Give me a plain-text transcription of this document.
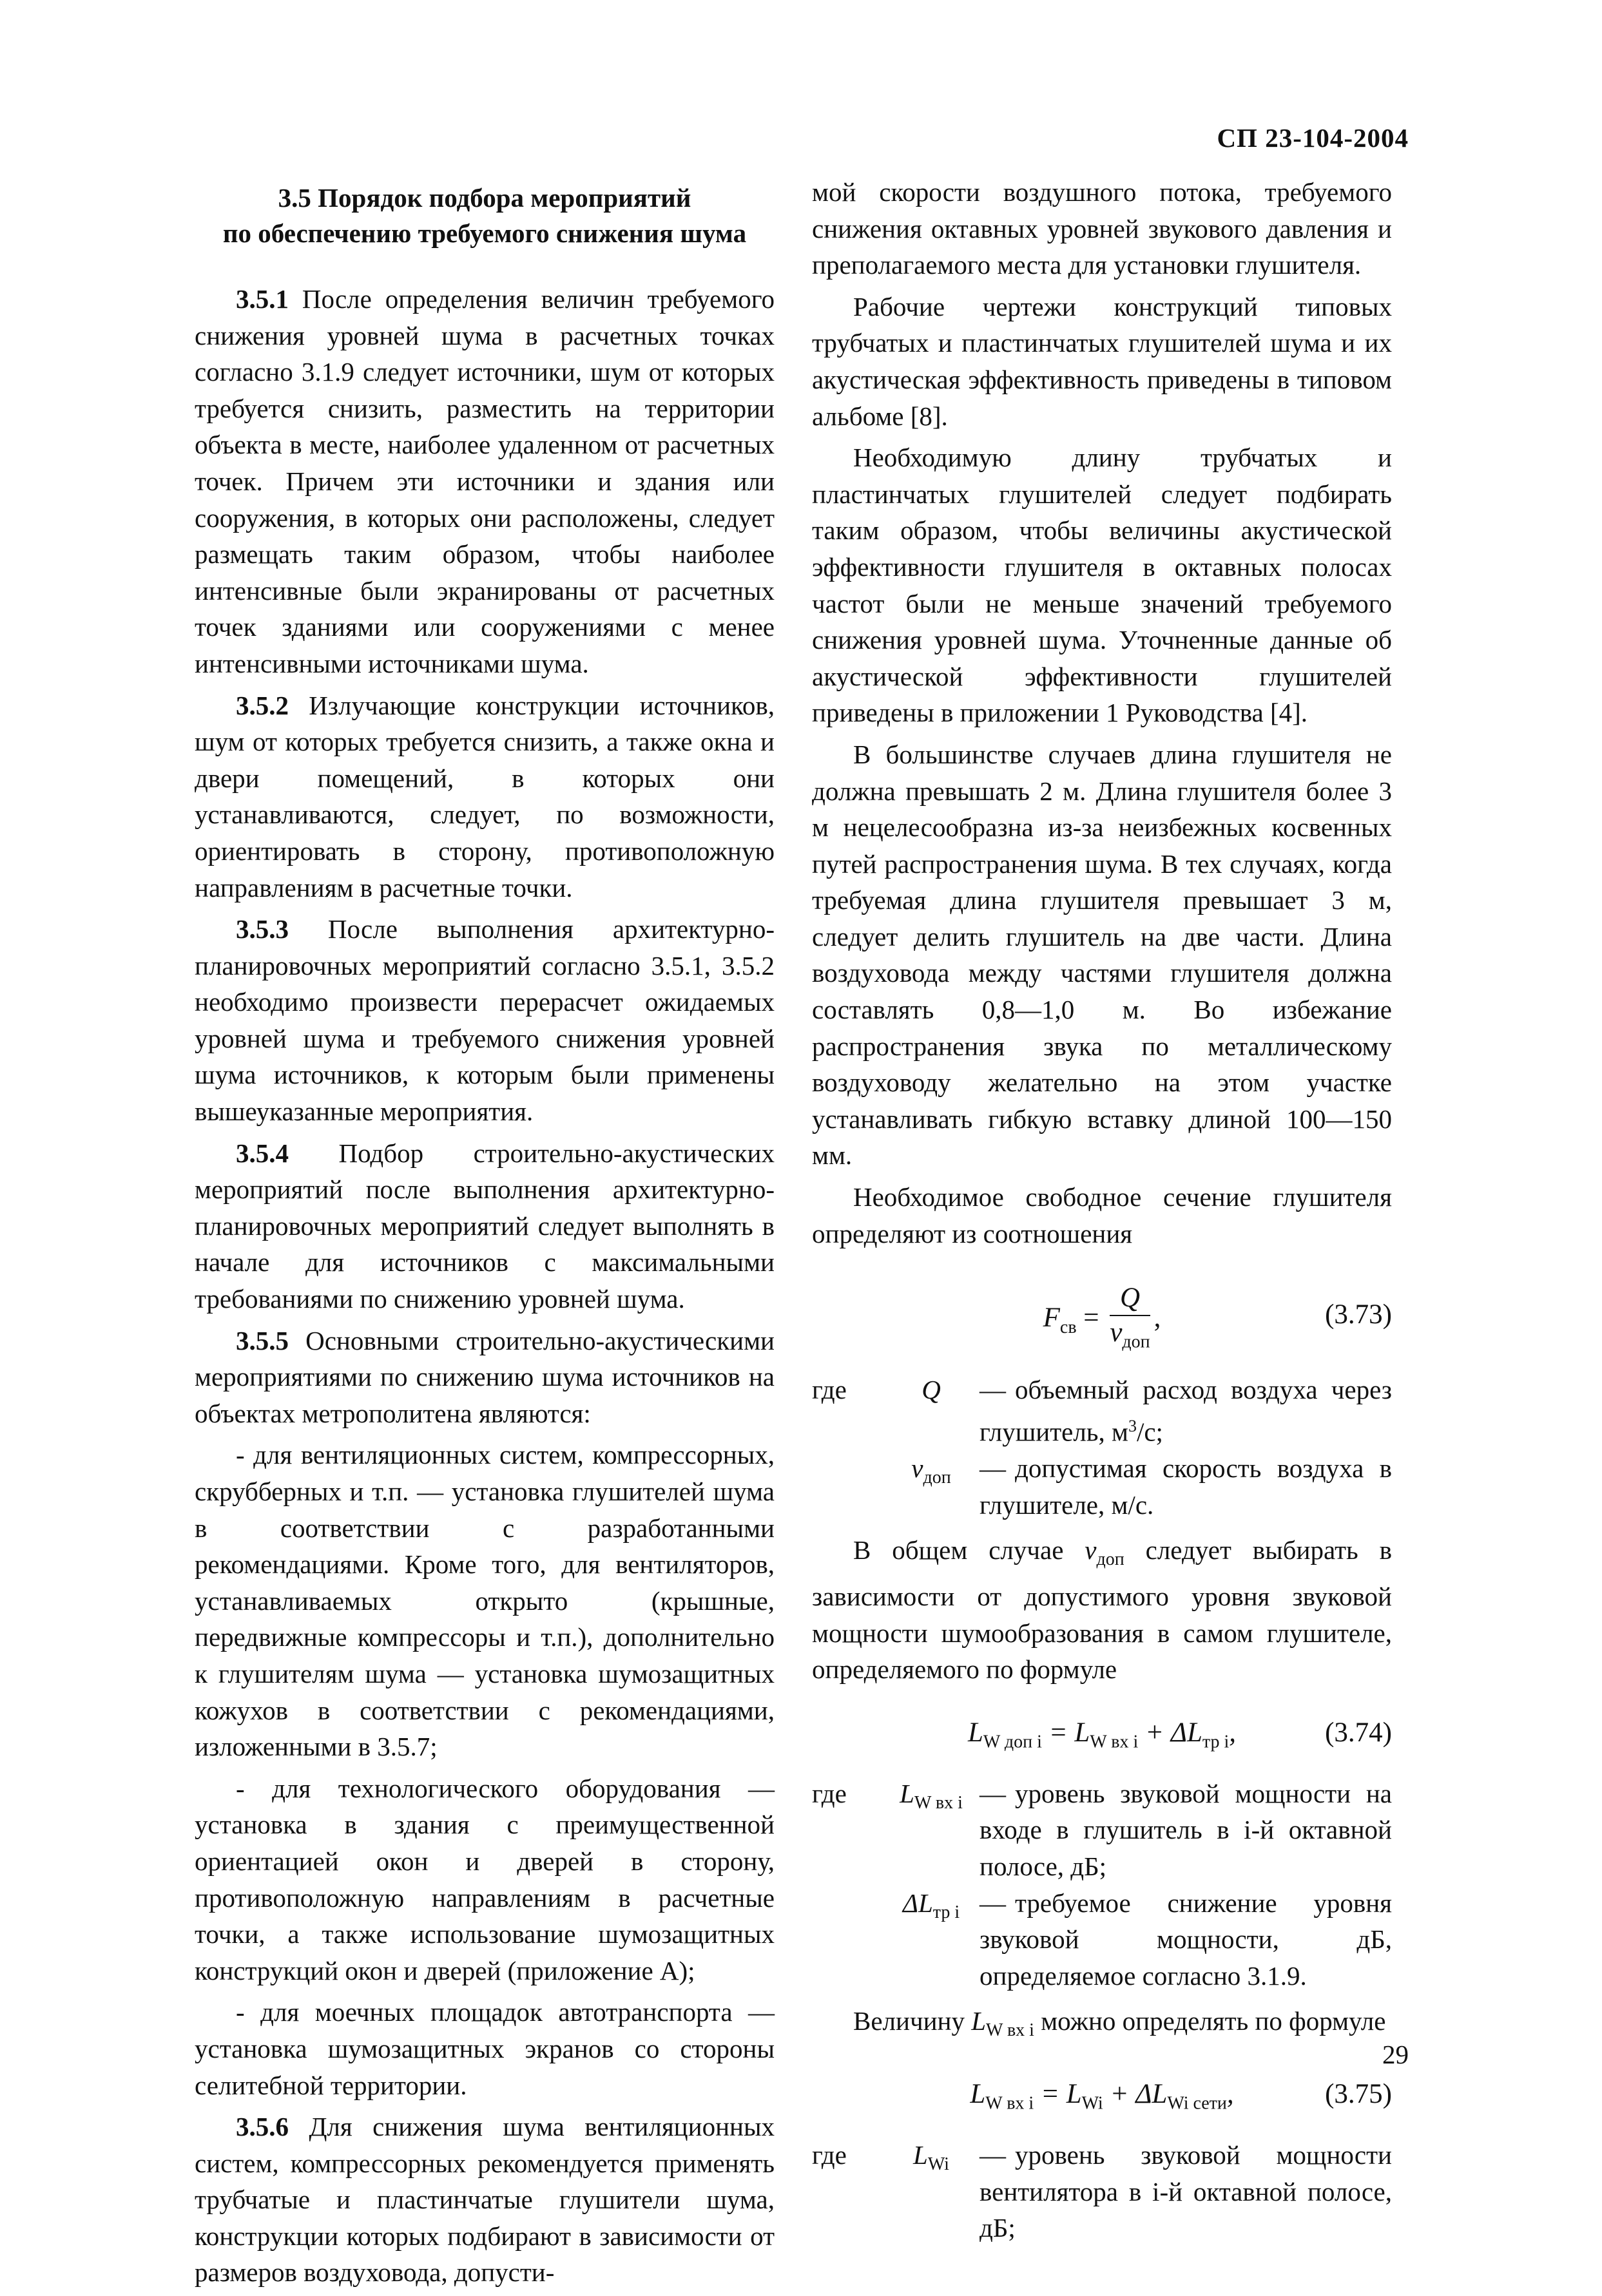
СП 23-104-2004
3.5 Порядок подбора мероприятий
по обеспечению требуемого снижения шума

3.5.1 После определения величин требуемого снижения уровней шума в расчетных точках согласно 3.1.9 следует источники, шум от которых требуется снизить, разместить на территории объекта в месте, наиболее удаленном от расчетных точек. Причем эти источники и здания или сооружения, в которых они расположены, следует размещать таким образом, чтобы наиболее интенсивные были экранированы от расчетных точек зданиями или сооружениями с менее интенсивными источниками шума.

3.5.2 Излучающие конструкции источников, шум от которых требуется снизить, а также окна и двери помещений, в которых они устанавливаются, следует, по возможности, ориентировать в сторону, противоположную направлениям в расчетные точки.

3.5.3 После выполнения архитектурно-планировочных мероприятий согласно 3.5.1, 3.5.2 необходимо произвести перерасчет ожидаемых уровней шума и требуемого снижения уровней шума источников, к которым были применены вышеуказанные мероприятия.

3.5.4 Подбор строительно-акустических мероприятий после выполнения архитектурно-планировочных мероприятий следует выполнять в начале для источников с максимальными требованиями по снижению уровней шума.

3.5.5 Основными строительно-акустическими мероприятиями по снижению шума источников на объектах метрополитена являются:

- для вентиляционных систем, компрессорных, скрубберных и т.п. — установка глушителей шума в соответствии с разработанными рекомендациями. Кроме того, для вентиляторов, устанавливаемых открыто (крышные, передвижные компрессоры и т.п.), дополнительно к глушителям шума — установка шумозащитных кожухов в соответствии с рекомендациями, изложенными в 3.5.7;

- для технологического оборудования — установка в здания с преимущественной ориентацией окон и дверей в сторону, противоположную направлениям в расчетные точки, а также использование шумозащитных конструкций окон и дверей (приложение А);

- для моечных площадок автотранспорта — установка шумозащитных экранов со стороны селитебной территории.

3.5.6 Для снижения шума вентиляционных систем, компрессорных рекомендуется применять трубчатые и пластинчатые глушители шума, конструкции которых подбирают в зависимости от размеров воздуховода, допусти-

мой скорости воздушного потока, требуемого снижения октавных уровней звукового давления и преполагаемого места для установки глушителя.

Рабочие чертежи конструкций типовых трубчатых и пластинчатых глушителей шума и их акустическая эффективность приведены в типовом альбоме [8].

Необходимую длину трубчатых и пластинчатых глушителей следует подбирать таким образом, чтобы величины акустической эффективности глушителя в октавных полосах частот были не меньше значений требуемого снижения уровней шума. Уточненные данные об акустической эффективности глушителей приведены в приложении 1 Руководства [4].

В большинстве случаев длина глушителя не должна превышать 2 м. Длина глушителя более 3 м нецелесообразна из-за неизбежных косвенных путей распространения шума. В тех случаях, когда требуемая длина глушителя превышает 3 м, следует делить глушитель на две части. Длина воздуховода между частями глушителя должна составлять 0,8—1,0 м. Во избежание распространения звука по металлическому воздуховоду желательно на этом участке устанавливать гибкую вставку длиной 100—150 мм.

Необходимое свободное сечение глушителя определяют из соотношения

$F_{св} = \frac{Q}{v_{доп}}$ ,	(3.73)
где	Q	— объемный расход воздуха через глушитель, $м^3/с$;
$v_{доп}$	— допустимая скорость воздуха в глушителе, м/с.

В общем случае $v_{доп}$ следует выбирать в зависимости от допустимого уровня звуковой мощности шумообразования в самом глушителе, определяемого по формуле

$L_{W доп i} = L_{W вх i} + \Delta L_{тр i}$,	(3.74)
где	$L_{W вх i}$ — уровень звуковой мощности на входе в глушитель в i-й октавной полосе, дБ;
$\Delta L_{тр i}$ — требуемое снижение уровня звуковой мощности, дБ, определяемое согласно 3.1.9.

Величину $L_{W вх i}$ можно определять по формуле

$L_{W вх i} = L_{Wi} + \Delta L_{Wi сети}$,	(3.75)
где	$L_{Wi}$	— уровень звуковой мощности вентилятора в i-й октавной полосе, дБ;
29
